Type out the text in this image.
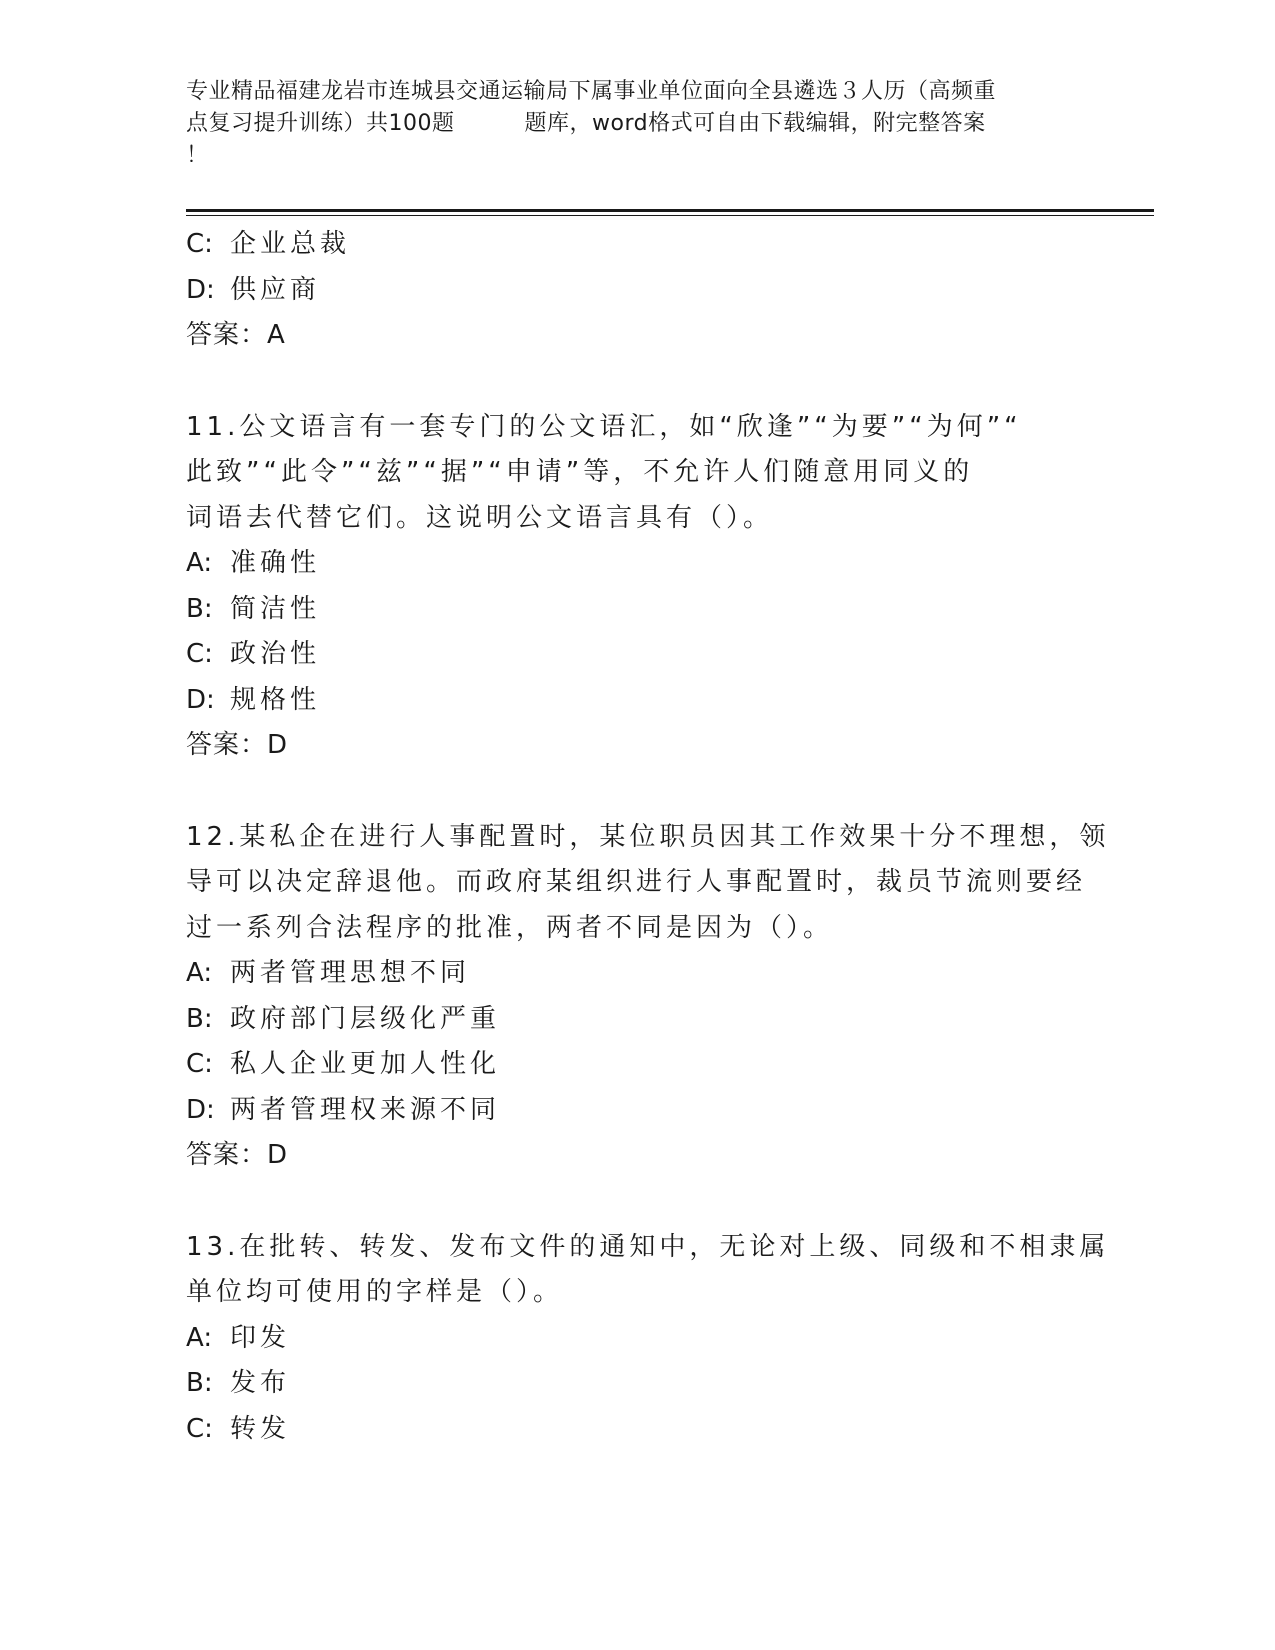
专业精品福建龙岩市连城县交通运输局下属事业单位面向全县遴选３人历（高频重
点复习提升训练）共100题	题库，word格式可自由下载编辑，附完整答案
！
C: 企业总裁
D: 供应商
答案：A
11.公文语言有一套专门的公文语汇，如“欣逢”“为要”“为何”“
此致”“此令”“兹”“据”“申请”等，不允许人们随意用同义的
词语去代替它们。这说明公文语言具有（）。
A: 准确性
B: 简洁性
C: 政治性
D: 规格性
答案：D
12.某私企在进行人事配置时，某位职员因其工作效果十分不理想，领
导可以决定辞退他。而政府某组织进行人事配置时，裁员节流则要经
过一系列合法程序的批准，两者不同是因为（）。
A: 两者管理思想不同
B: 政府部门层级化严重
C: 私人企业更加人性化
D: 两者管理权来源不同
答案：D
13.在批转、转发、发布文件的通知中，无论对上级、同级和不相隶属
单位均可使用的字样是（）。
A: 印发
B: 发布
C: 转发
